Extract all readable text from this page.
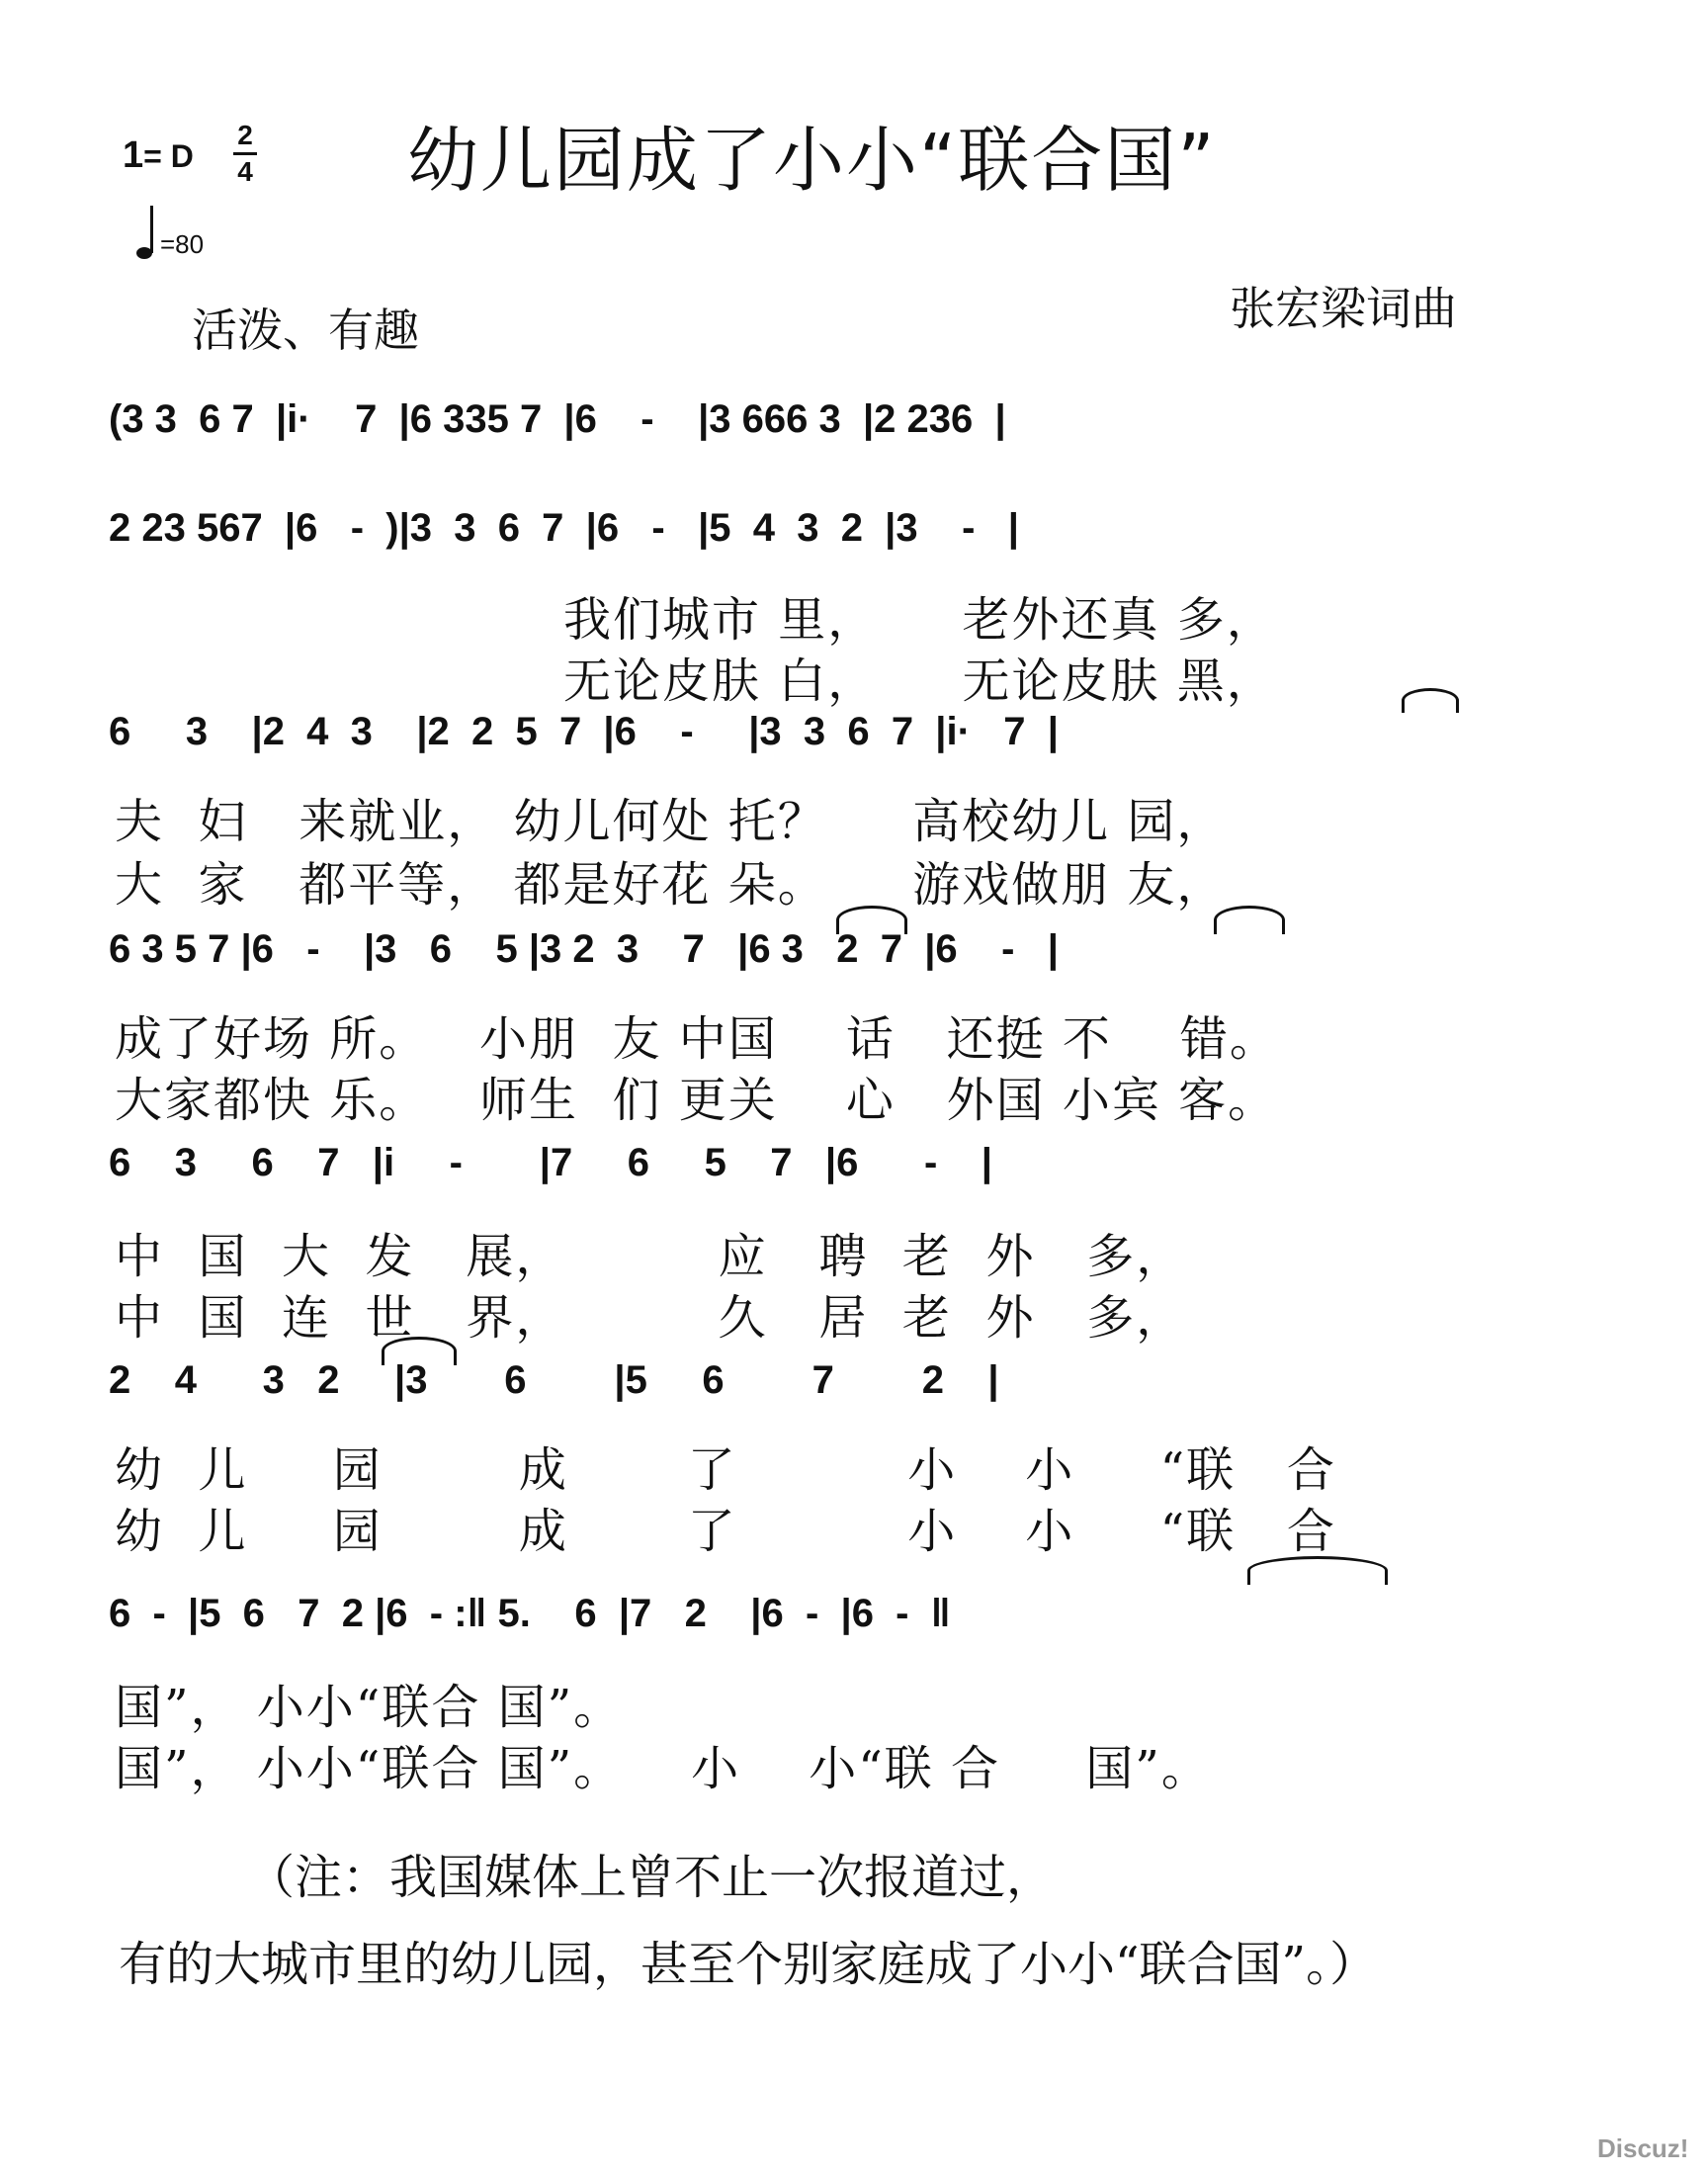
1= D
2
4 幼儿园成了小小“联合国”
=80
活泼、有趣	张宏梁词曲
(3 3  6 7  |i·    7  |6 335 7  |6    -    |3 666 3  |2 236  |
2 23 567  |6   -  )|3  3  6  7  |6   -   |5  4  3  2  |3    -   |
我们城市 里，     老外还真 多，
无论皮肤 白，     无论皮肤 黑，
6     3    |2  4  3    |2  2  5  7  |6    -     |3  3  6  7  |i·   7  |
夫  妇   来就业， 幼儿何处 托？     高校幼儿 园，
大  家   都平等， 都是好花 朵。     游戏做朋 友，
6 3 5 7 |6   -    |3   6    5 |3 2  3    7   |6 3   2  7  |6    -   |
成了好场 所。   小朋  友 中国    话   还挺 不    错。
大家都快 乐。   师生  们 更关    心   外国 小宾 客。
6    3     6    7   |i     -       |7     6     5    7   |6      -    |
中  国  大  发   展，         应   聘  老  外   多，
中  国  连  世   界，         久   居  老  外   多，
2    4      3   2     |3       6        |5     6        7        2    |
幼  儿     园        成       了          小    小     “联   合
幼  儿     园        成       了          小    小     “联   合
6  -  |5  6   7  2 |6  - :‖ 5.    6  |7   2    |6  -  |6  -  ‖
国”， 小小“联合 国”。
国”， 小小“联合 国”。    小    小“联 合     国”。
（注：我国媒体上曾不止一次报道过，
有的大城市里的幼儿园，甚至个别家庭成了小小“联合国”。）
Discuz!
